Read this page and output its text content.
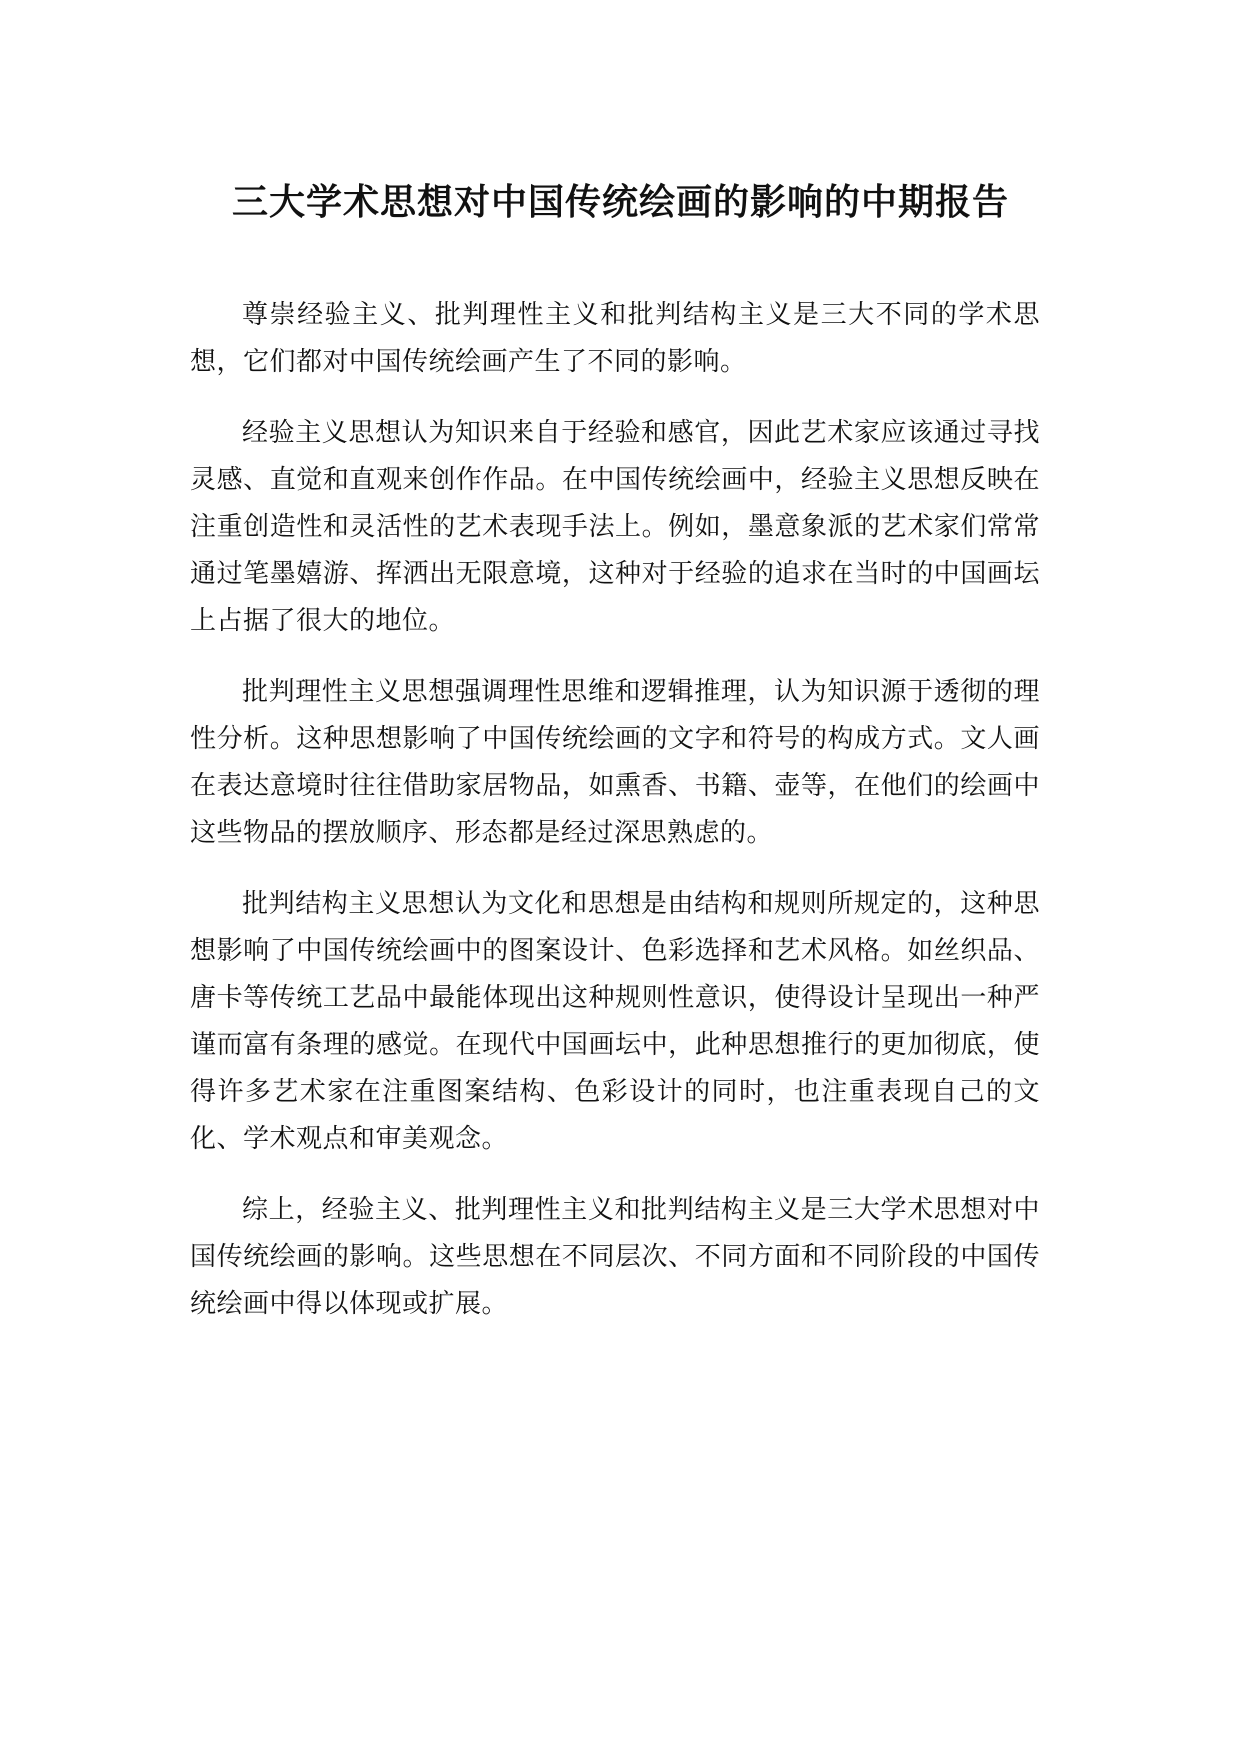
三大学术思想对中国传统绘画的影响的中期报告

尊崇经验主义、批判理性主义和批判结构主义是三大不同的学术思想，它们都对中国传统绘画产生了不同的影响。

经验主义思想认为知识来自于经验和感官，因此艺术家应该通过寻找灵感、直觉和直观来创作作品。在中国传统绘画中，经验主义思想反映在注重创造性和灵活性的艺术表现手法上。例如，墨意象派的艺术家们常常通过笔墨嬉游、挥洒出无限意境，这种对于经验的追求在当时的中国画坛上占据了很大的地位。

批判理性主义思想强调理性思维和逻辑推理，认为知识源于透彻的理性分析。这种思想影响了中国传统绘画的文字和符号的构成方式。文人画在表达意境时往往借助家居物品，如熏香、书籍、壶等，在他们的绘画中这些物品的摆放顺序、形态都是经过深思熟虑的。

批判结构主义思想认为文化和思想是由结构和规则所规定的，这种思想影响了中国传统绘画中的图案设计、色彩选择和艺术风格。如丝织品、唐卡等传统工艺品中最能体现出这种规则性意识，使得设计呈现出一种严谨而富有条理的感觉。在现代中国画坛中，此种思想推行的更加彻底，使得许多艺术家在注重图案结构、色彩设计的同时，也注重表现自己的文化、学术观点和审美观念。

综上，经验主义、批判理性主义和批判结构主义是三大学术思想对中国传统绘画的影响。这些思想在不同层次、不同方面和不同阶段的中国传统绘画中得以体现或扩展。
